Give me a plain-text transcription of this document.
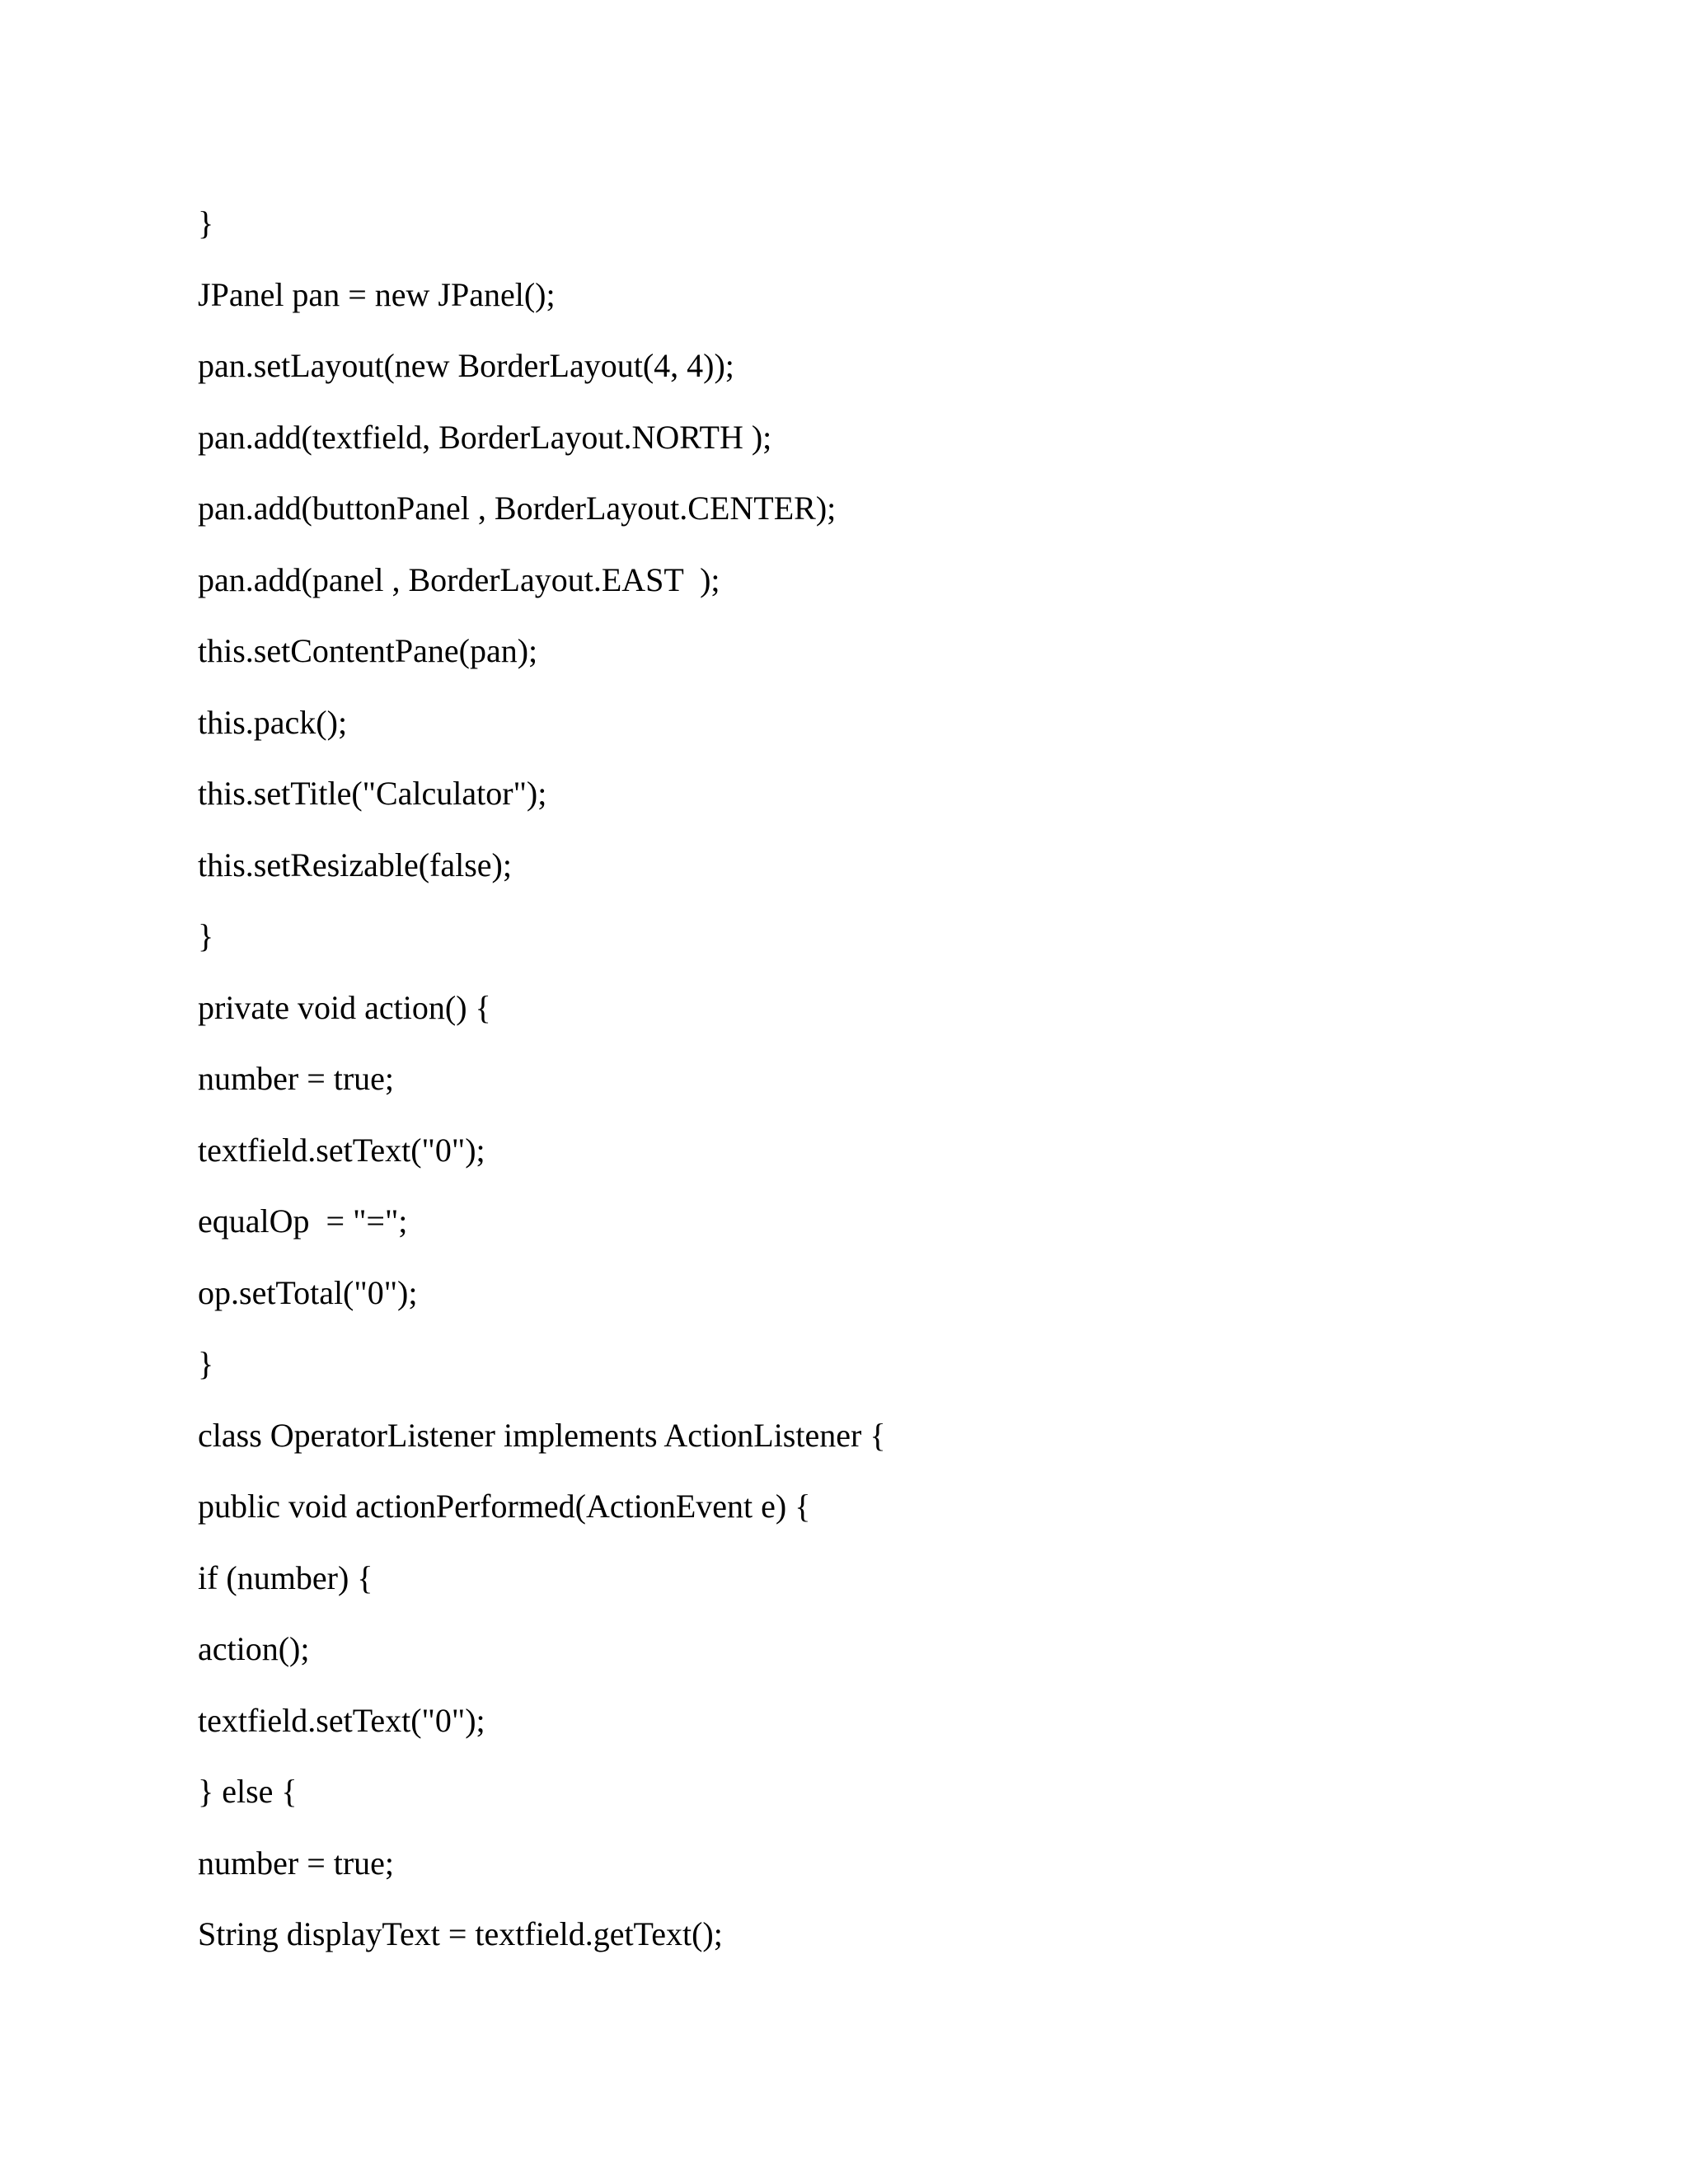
}
JPanel pan = new JPanel();
pan.setLayout(new BorderLayout(4, 4));
pan.add(textfield, BorderLayout.NORTH );
pan.add(buttonPanel , BorderLayout.CENTER);
pan.add(panel , BorderLayout.EAST  );
this.setContentPane(pan);
this.pack();
this.setTitle("Calculator");
this.setResizable(false);
}
private void action() {
number = true;
textfield.setText("0");
equalOp  = "=";
op.setTotal("0");
}
class OperatorListener implements ActionListener {
public void actionPerformed(ActionEvent e) {
if (number) {
action();
textfield.setText("0");
} else {
number = true;
String displayText = textfield.getText();
